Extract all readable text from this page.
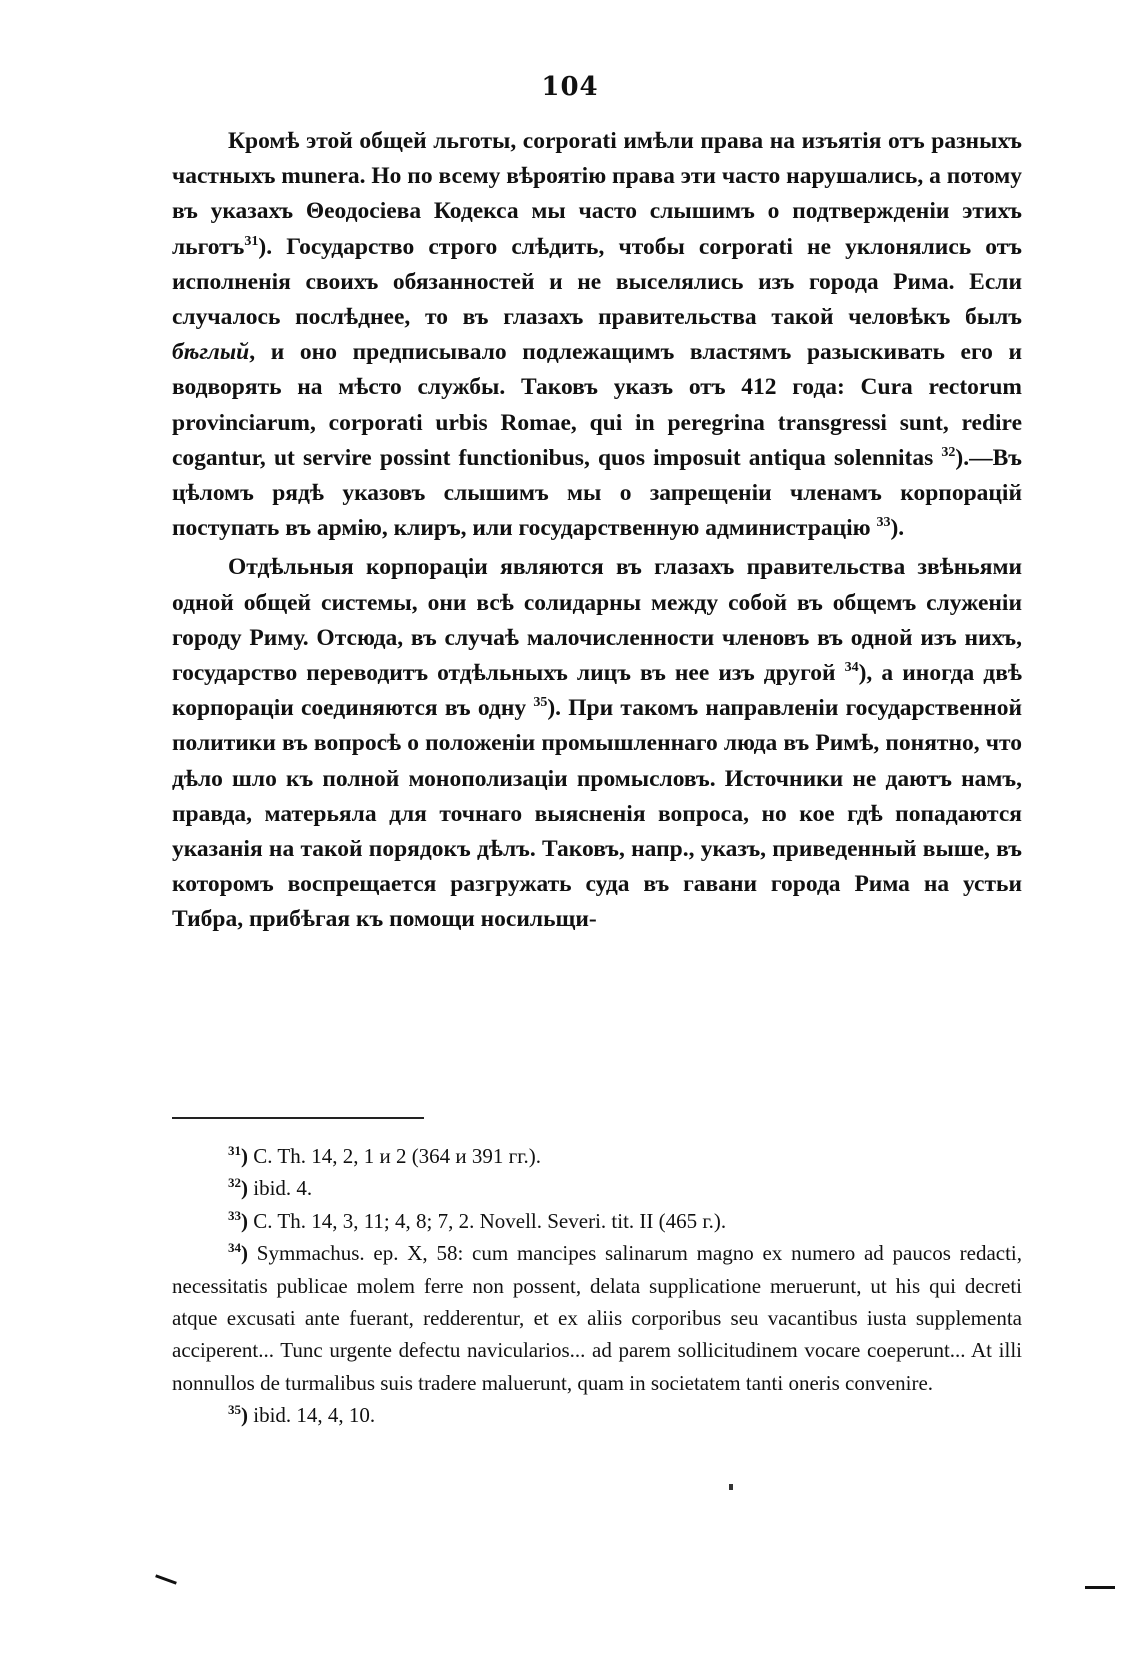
104

Кромѣ этой общей льготы, corporati имѣли права на изъятія отъ разныхъ частныхъ munera. Но по всему вѣроятію права эти часто нарушались, а потому въ указахъ Θеодосіева Кодекса мы часто слышимъ о подтвержденіи этихъ льготъ$^{31}$). Государство строго слѣдить, чтобы corporati не уклонялись отъ исполненія своихъ обязанностей и не выселялись изъ города Рима. Если случалось послѣднее, то въ глазахъ правительства такой человѣкъ былъ бѣглый, и оно предписывало подлежащимъ властямъ разыскивать его и водворять на мѣсто службы. Таковъ указъ отъ 412 года: Cura rectorum provinciarum, corporati urbis Romae, qui in peregrina transgressi sunt, redire cogantur, ut servire possint functionibus, quos imposuit antiqua solennitas $^{32}$).—Въ цѣломъ рядѣ указовъ слышимъ мы о запрещеніи членамъ корпорацій поступать въ армію, клиръ, или государственную администрацію $^{33}$).

Отдѣльныя корпораціи являются въ глазахъ правительства звѣньями одной общей системы, они всѣ солидарны между собой въ общемъ служеніи городу Риму. Отсюда, въ случаѣ малочисленности членовъ въ одной изъ нихъ, государство переводитъ отдѣльныхъ лицъ въ нее изъ другой $^{34}$), а иногда двѣ корпораціи соединяются въ одну $^{35}$). При такомъ направленіи государственной политики въ вопросѣ о положеніи промышленнаго люда въ Римѣ, понятно, что дѣло шло къ полной монополизаціи промысловъ. Источники не даютъ намъ, правда, матерьяла для точнаго выясненія вопроса, но кое гдѣ попадаются указанія на такой порядокъ дѣлъ. Таковъ, напр., указъ, приведенный выше, въ которомъ воспрещается разгружать суда въ гавани города Рима на устьи Тибра, прибѣгая къ помощи носильщи-

$^{31}$) C. Th. 14, 2, 1 и 2 (364 и 391 гг.).

$^{32}$) ibid. 4.

$^{33}$) C. Th. 14, 3, 11; 4, 8; 7, 2. Novell. Severi. tit. II (465 г.).

$^{34}$) Symmachus. ep. X, 58: cum mancipes salinarum magno ex numero ad paucos redacti, necessitatis publicae molem ferre non possent, delata supplicatione meruerunt, ut his qui decreti atque excusati ante fuerant, redderentur, et ex aliis corporibus seu vacantibus iusta supplementa acciperent... Tunc urgente defectu navicularios... ad parem sollicitudinem vocare coeperunt... At illi nonnullos de turmalibus suis tradere maluerunt, quam in societatem tanti oneris convenire.

$^{35}$) ibid. 14, 4, 10.
